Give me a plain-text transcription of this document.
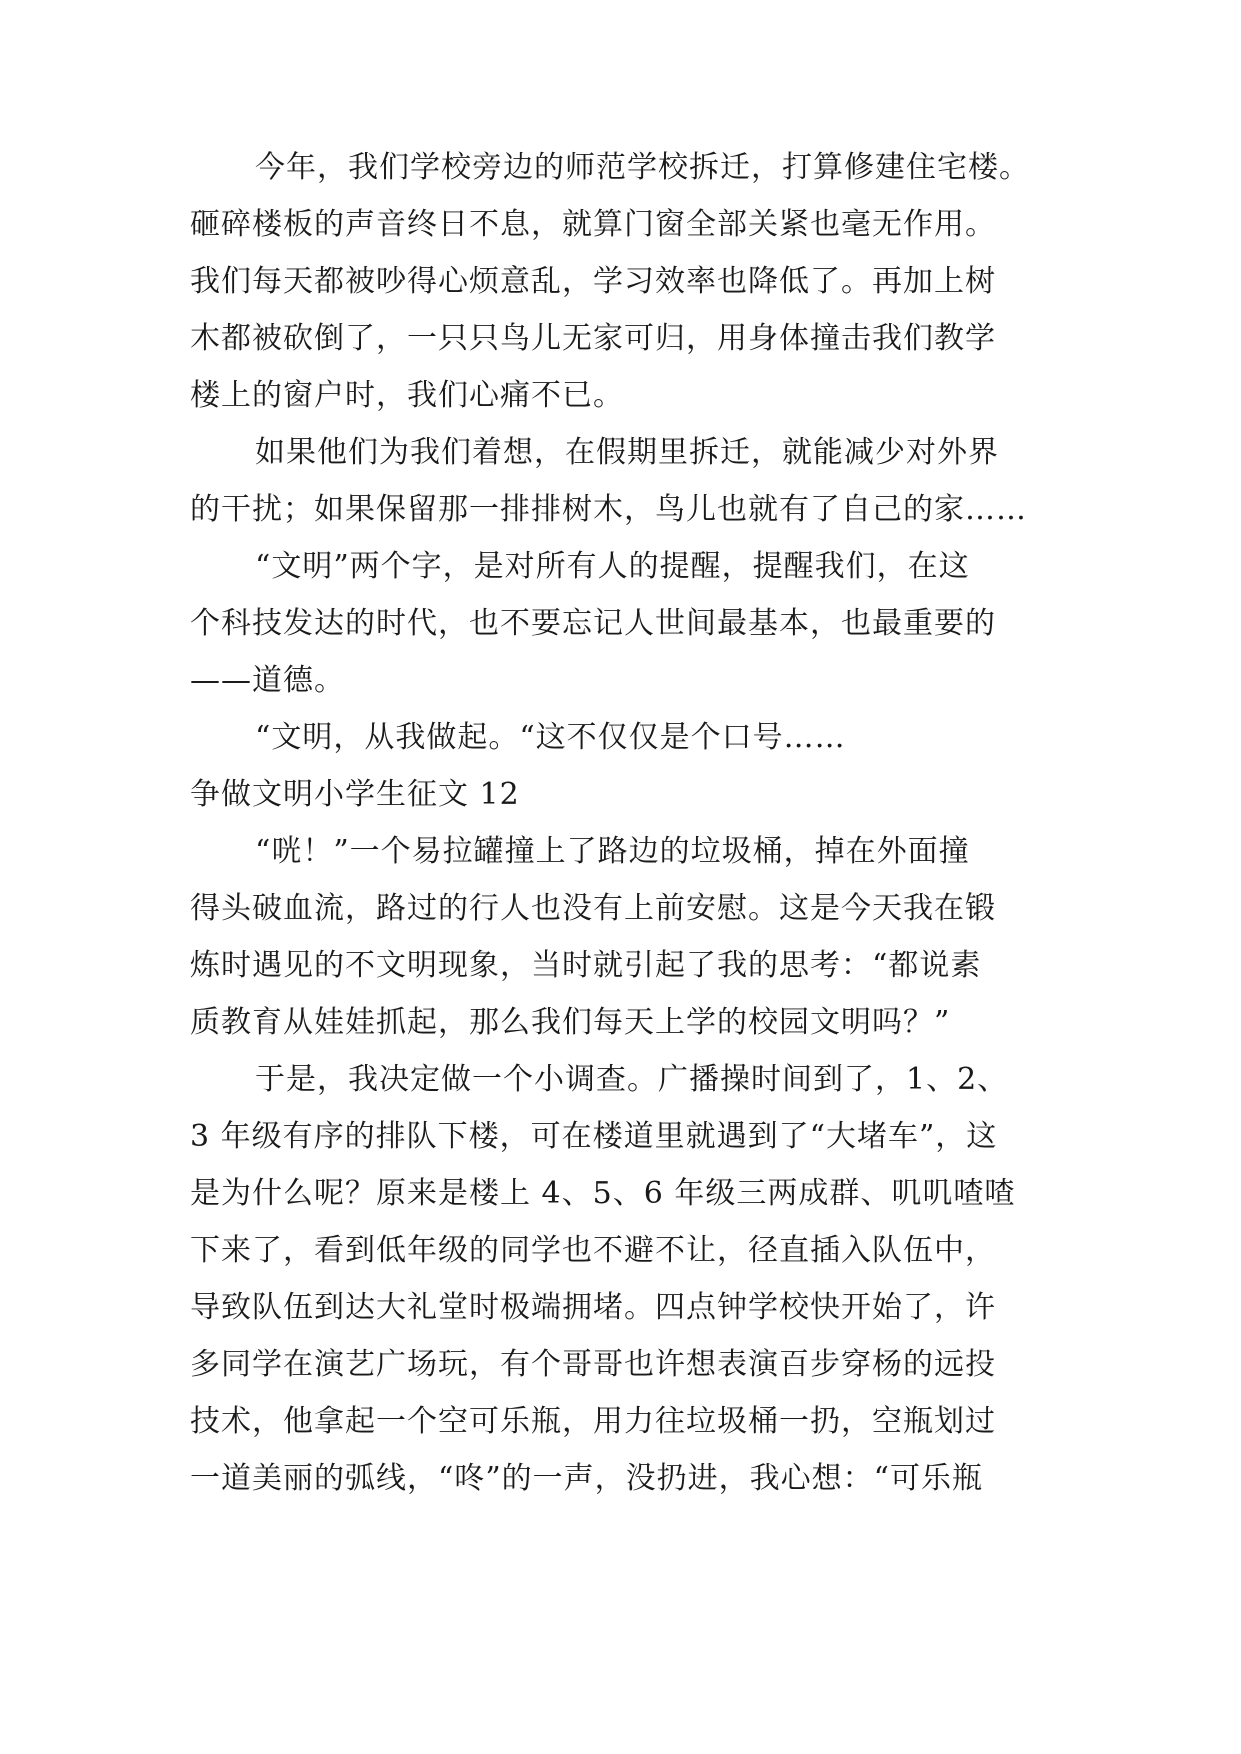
今年，我们学校旁边的师范学校拆迁，打算修建住宅楼。
砸碎楼板的声音终日不息，就算门窗全部关紧也毫无作用。
我们每天都被吵得心烦意乱，学习效率也降低了。再加上树
木都被砍倒了，一只只鸟儿无家可归，用身体撞击我们教学
楼上的窗户时，我们心痛不已。
如果他们为我们着想，在假期里拆迁，就能减少对外界
的干扰；如果保留那一排排树木，鸟儿也就有了自己的家……
“文明”两个字，是对所有人的提醒，提醒我们，在这
个科技发达的时代，也不要忘记人世间最基本，也最重要的
——道德。
“文明，从我做起。“这不仅仅是个口号……
争做文明小学生征文 12
“咣！”一个易拉罐撞上了路边的垃圾桶，掉在外面撞
得头破血流，路过的行人也没有上前安慰。这是今天我在锻
炼时遇见的不文明现象，当时就引起了我的思考：“都说素
质教育从娃娃抓起，那么我们每天上学的校园文明吗？”
于是，我决定做一个小调查。广播操时间到了，1、2、
3 年级有序的排队下楼，可在楼道里就遇到了“大堵车”，这
是为什么呢？原来是楼上 4、5、6 年级三两成群、叽叽喳喳
下来了，看到低年级的同学也不避不让，径直插入队伍中，
导致队伍到达大礼堂时极端拥堵。四点钟学校快开始了，许
多同学在演艺广场玩，有个哥哥也许想表演百步穿杨的远投
技术，他拿起一个空可乐瓶，用力往垃圾桶一扔，空瓶划过
一道美丽的弧线，“咚”的一声，没扔进，我心想：“可乐瓶
